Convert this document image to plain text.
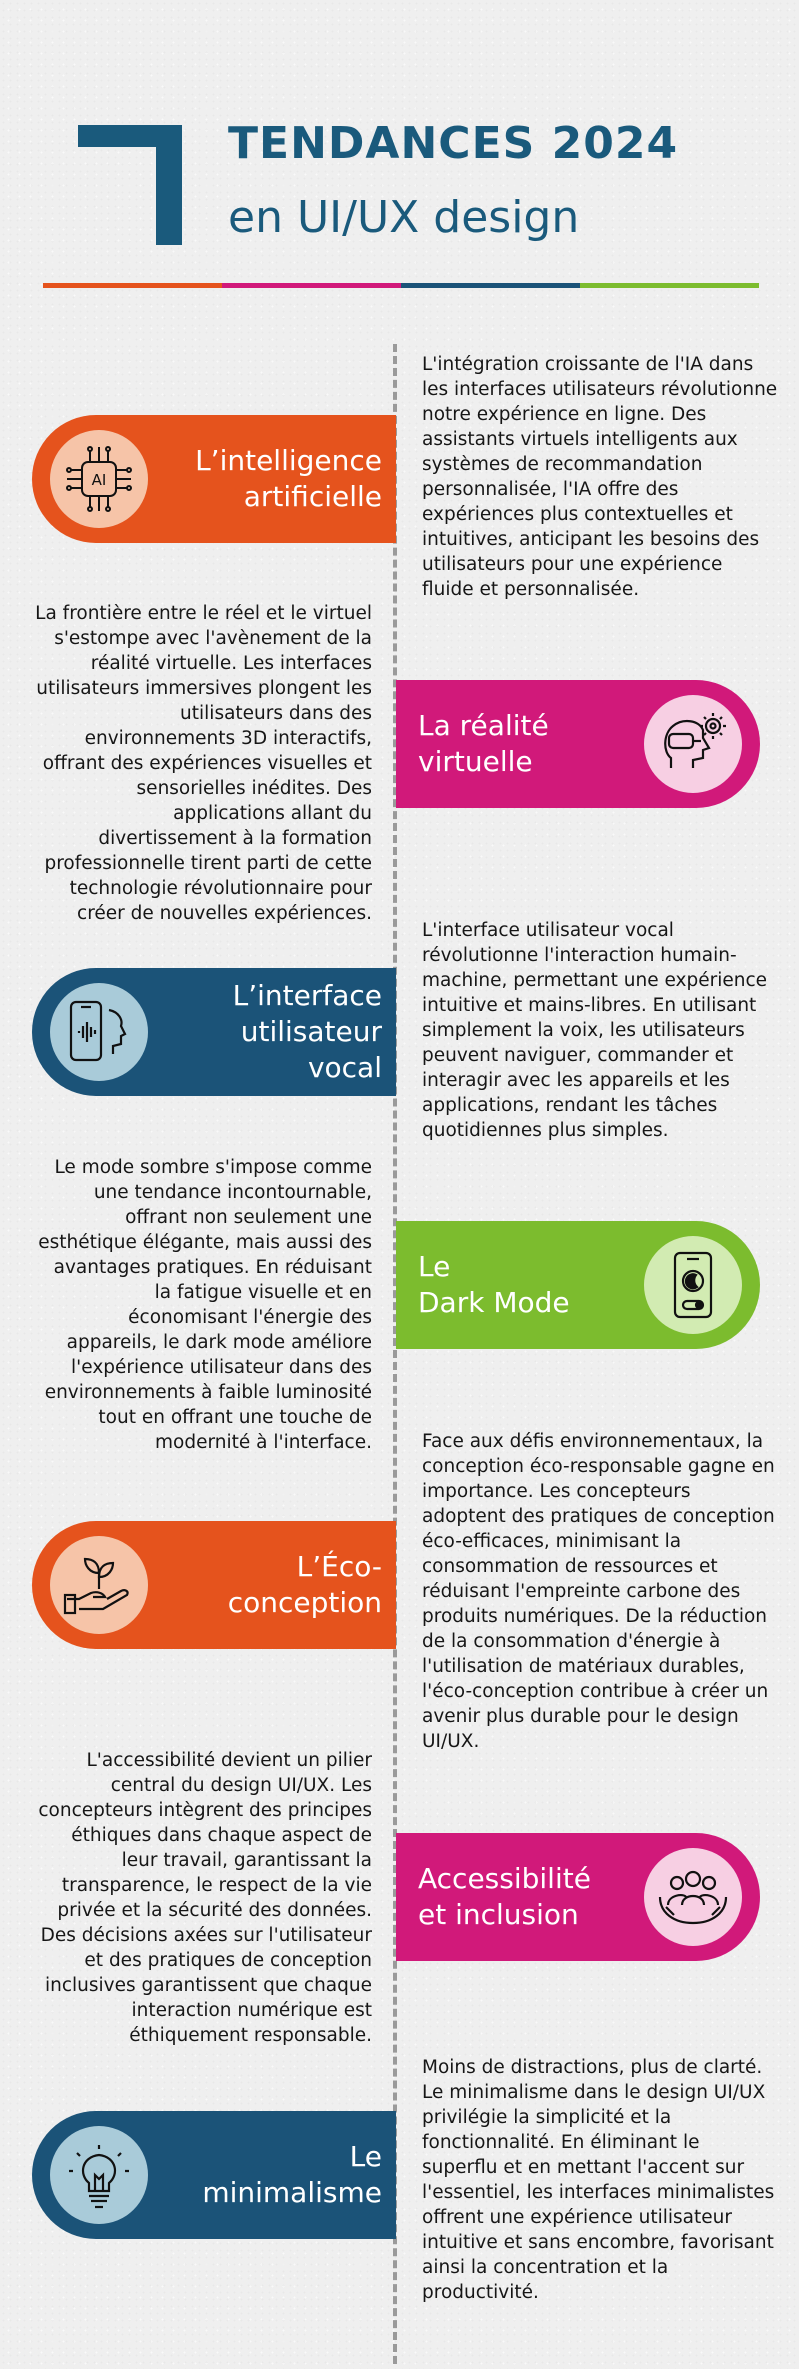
TENDANCES 2024
en UI/UX design
AI
L’intelligence
artificielle
L'intégration croissante de l'IA dans les interfaces utilisateurs révolutionne notre expérience en ligne. Des assistants virtuels intelligents aux systèmes de recommandation personnalisée, l'IA offre des expériences plus contextuelles et intuitives, anticipant les besoins des utilisateurs pour une expérience fluide et personnalisée.
La frontière entre le réel et le virtuel s'estompe avec l'avènement de la réalité virtuelle. Les interfaces utilisateurs immersives plongent les utilisateurs dans des environnements 3D interactifs, offrant des expériences visuelles et sensorielles inédites. Des applications allant du divertissement à la formation professionnelle tirent parti de cette technologie révolutionnaire pour créer de nouvelles expériences.
La réalité
virtuelle
L’interface
utilisateur
vocal
L'interface utilisateur vocal révolutionne l'interaction humain-machine, permettant une expérience intuitive et mains-libres. En utilisant simplement la voix, les utilisateurs peuvent naviguer, commander et interagir avec les appareils et les applications, rendant les tâches quotidiennes plus simples.
Le mode sombre s'impose comme une tendance incontournable, offrant non seulement une esthétique élégante, mais aussi des avantages pratiques. En réduisant la fatigue visuelle et en économisant l'énergie des appareils, le dark mode améliore l'expérience utilisateur dans des environnements à faible luminosité tout en offrant une touche de modernité à l'interface.
Le
Dark Mode
L’Éco-
conception
Face aux défis environnementaux, la conception éco-responsable gagne en importance. Les concepteurs adoptent des pratiques de conception éco-efficaces, minimisant la consommation de ressources et réduisant l'empreinte carbone des produits numériques. De la réduction de la consommation d'énergie à l'utilisation de matériaux durables, l'éco-conception contribue à créer un avenir plus durable pour le design UI/UX.
L'accessibilité devient un pilier central du design UI/UX. Les concepteurs intègrent des principes éthiques dans chaque aspect de leur travail, garantissant la transparence, le respect de la vie privée et la sécurité des données. Des décisions axées sur l'utilisateur et des pratiques de conception inclusives garantissent que chaque interaction numérique est éthiquement responsable.
Accessibilité
et inclusion
Le
minimalisme
Moins de distractions, plus de clarté. Le minimalisme dans le design UI/UX privilégie la simplicité et la fonctionnalité. En éliminant le superflu et en mettant l'accent sur l'essentiel, les interfaces minimalistes offrent une expérience utilisateur intuitive et sans encombre, favorisant ainsi la concentration et la productivité.
